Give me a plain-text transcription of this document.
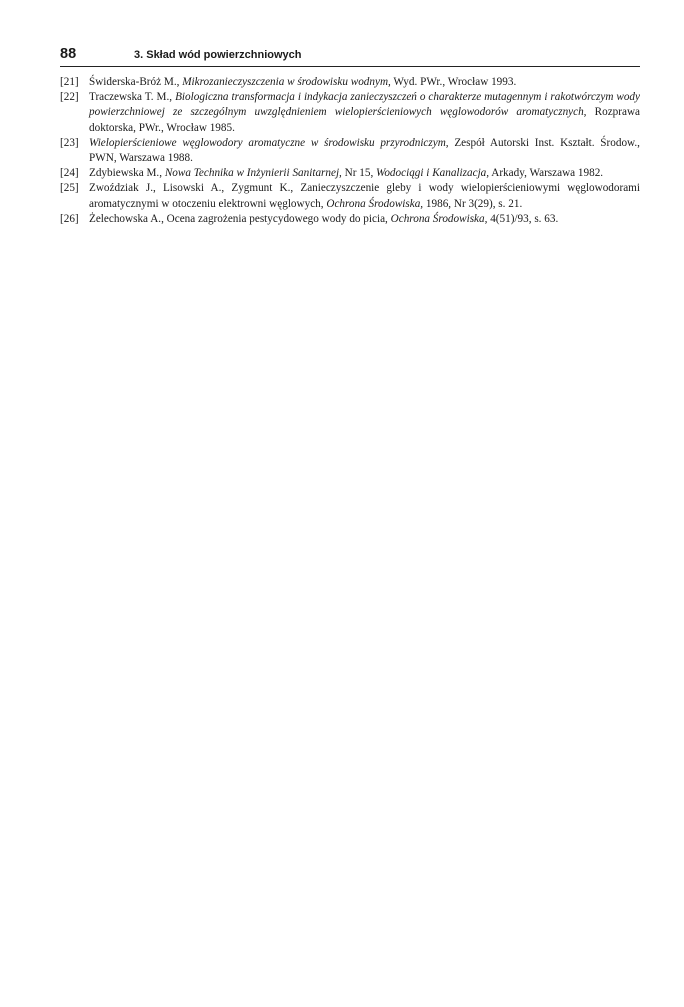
88	3. Skład wód powierzchniowych
[21] Świderska-Bróż M., Mikrozanieczyszczenia w środowisku wodnym, Wyd. PWr., Wrocław 1993.
[22] Traczewska T. M., Biologiczna transformacja i indykacja zanieczyszczeń o charakterze mutagennym i rakotwórczym wody powierzchniowej ze szczególnym uwzględnieniem wielopierścieniowych węglowodorów aromatycznych, Rozprawa doktorska, PWr., Wrocław 1985.
[23] Wielopierścieniowe węglowodory aromatyczne w środowisku przyrodniczym, Zespół Autorski Inst. Kształt. Środow., PWN, Warszawa 1988.
[24] Zdybiewska M., Nowa Technika w Inżynierii Sanitarnej, Nr 15, Wodociągi i Kanalizacja, Arkady, Warszawa 1982.
[25] Zwoździak J., Lisowski A., Zygmunt K., Zanieczyszczenie gleby i wody wielopierścieniowymi węglowodorami aromatycznymi w otoczeniu elektrowni węglowych, Ochrona Środowiska, 1986, Nr 3(29), s. 21.
[26] Żelechowska A., Ocena zagrożenia pestycydowego wody do picia, Ochrona Środowiska, 4(51)/93, s. 63.
